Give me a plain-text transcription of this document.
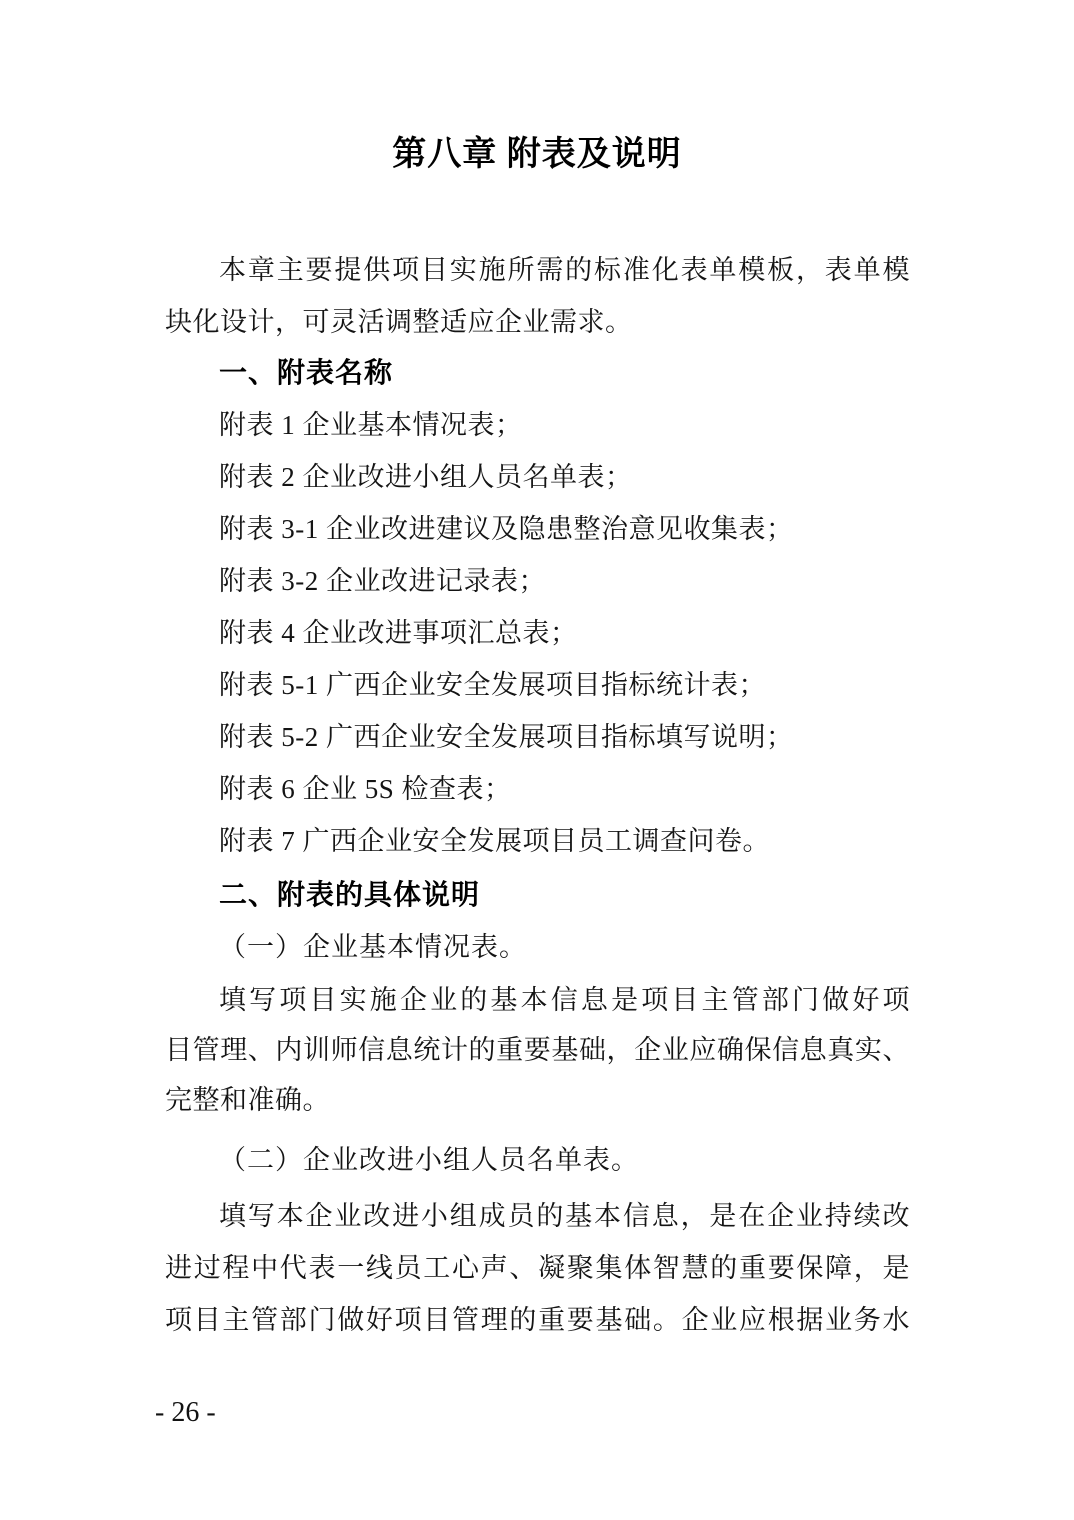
第八章 附表及说明
本章主要提供项目实施所需的标准化表单模板，表单模
块化设计，可灵活调整适应企业需求。
一、附表名称
附表 1 企业基本情况表；
附表 2 企业改进小组人员名单表；
附表 3-1 企业改进建议及隐患整治意见收集表；
附表 3-2 企业改进记录表；
附表 4 企业改进事项汇总表；
附表 5-1 广西企业安全发展项目指标统计表；
附表 5-2 广西企业安全发展项目指标填写说明；
附表 6 企业 5S 检查表；
附表 7 广西企业安全发展项目员工调查问卷。
二、附表的具体说明
（一）企业基本情况表。
填写项目实施企业的基本信息是项目主管部门做好项
目管理、内训师信息统计的重要基础，企业应确保信息真实、
完整和准确。
（二）企业改进小组人员名单表。
填写本企业改进小组成员的基本信息，是在企业持续改
进过程中代表一线员工心声、凝聚集体智慧的重要保障，是
项目主管部门做好项目管理的重要基础。企业应根据业务水
- 26 -
